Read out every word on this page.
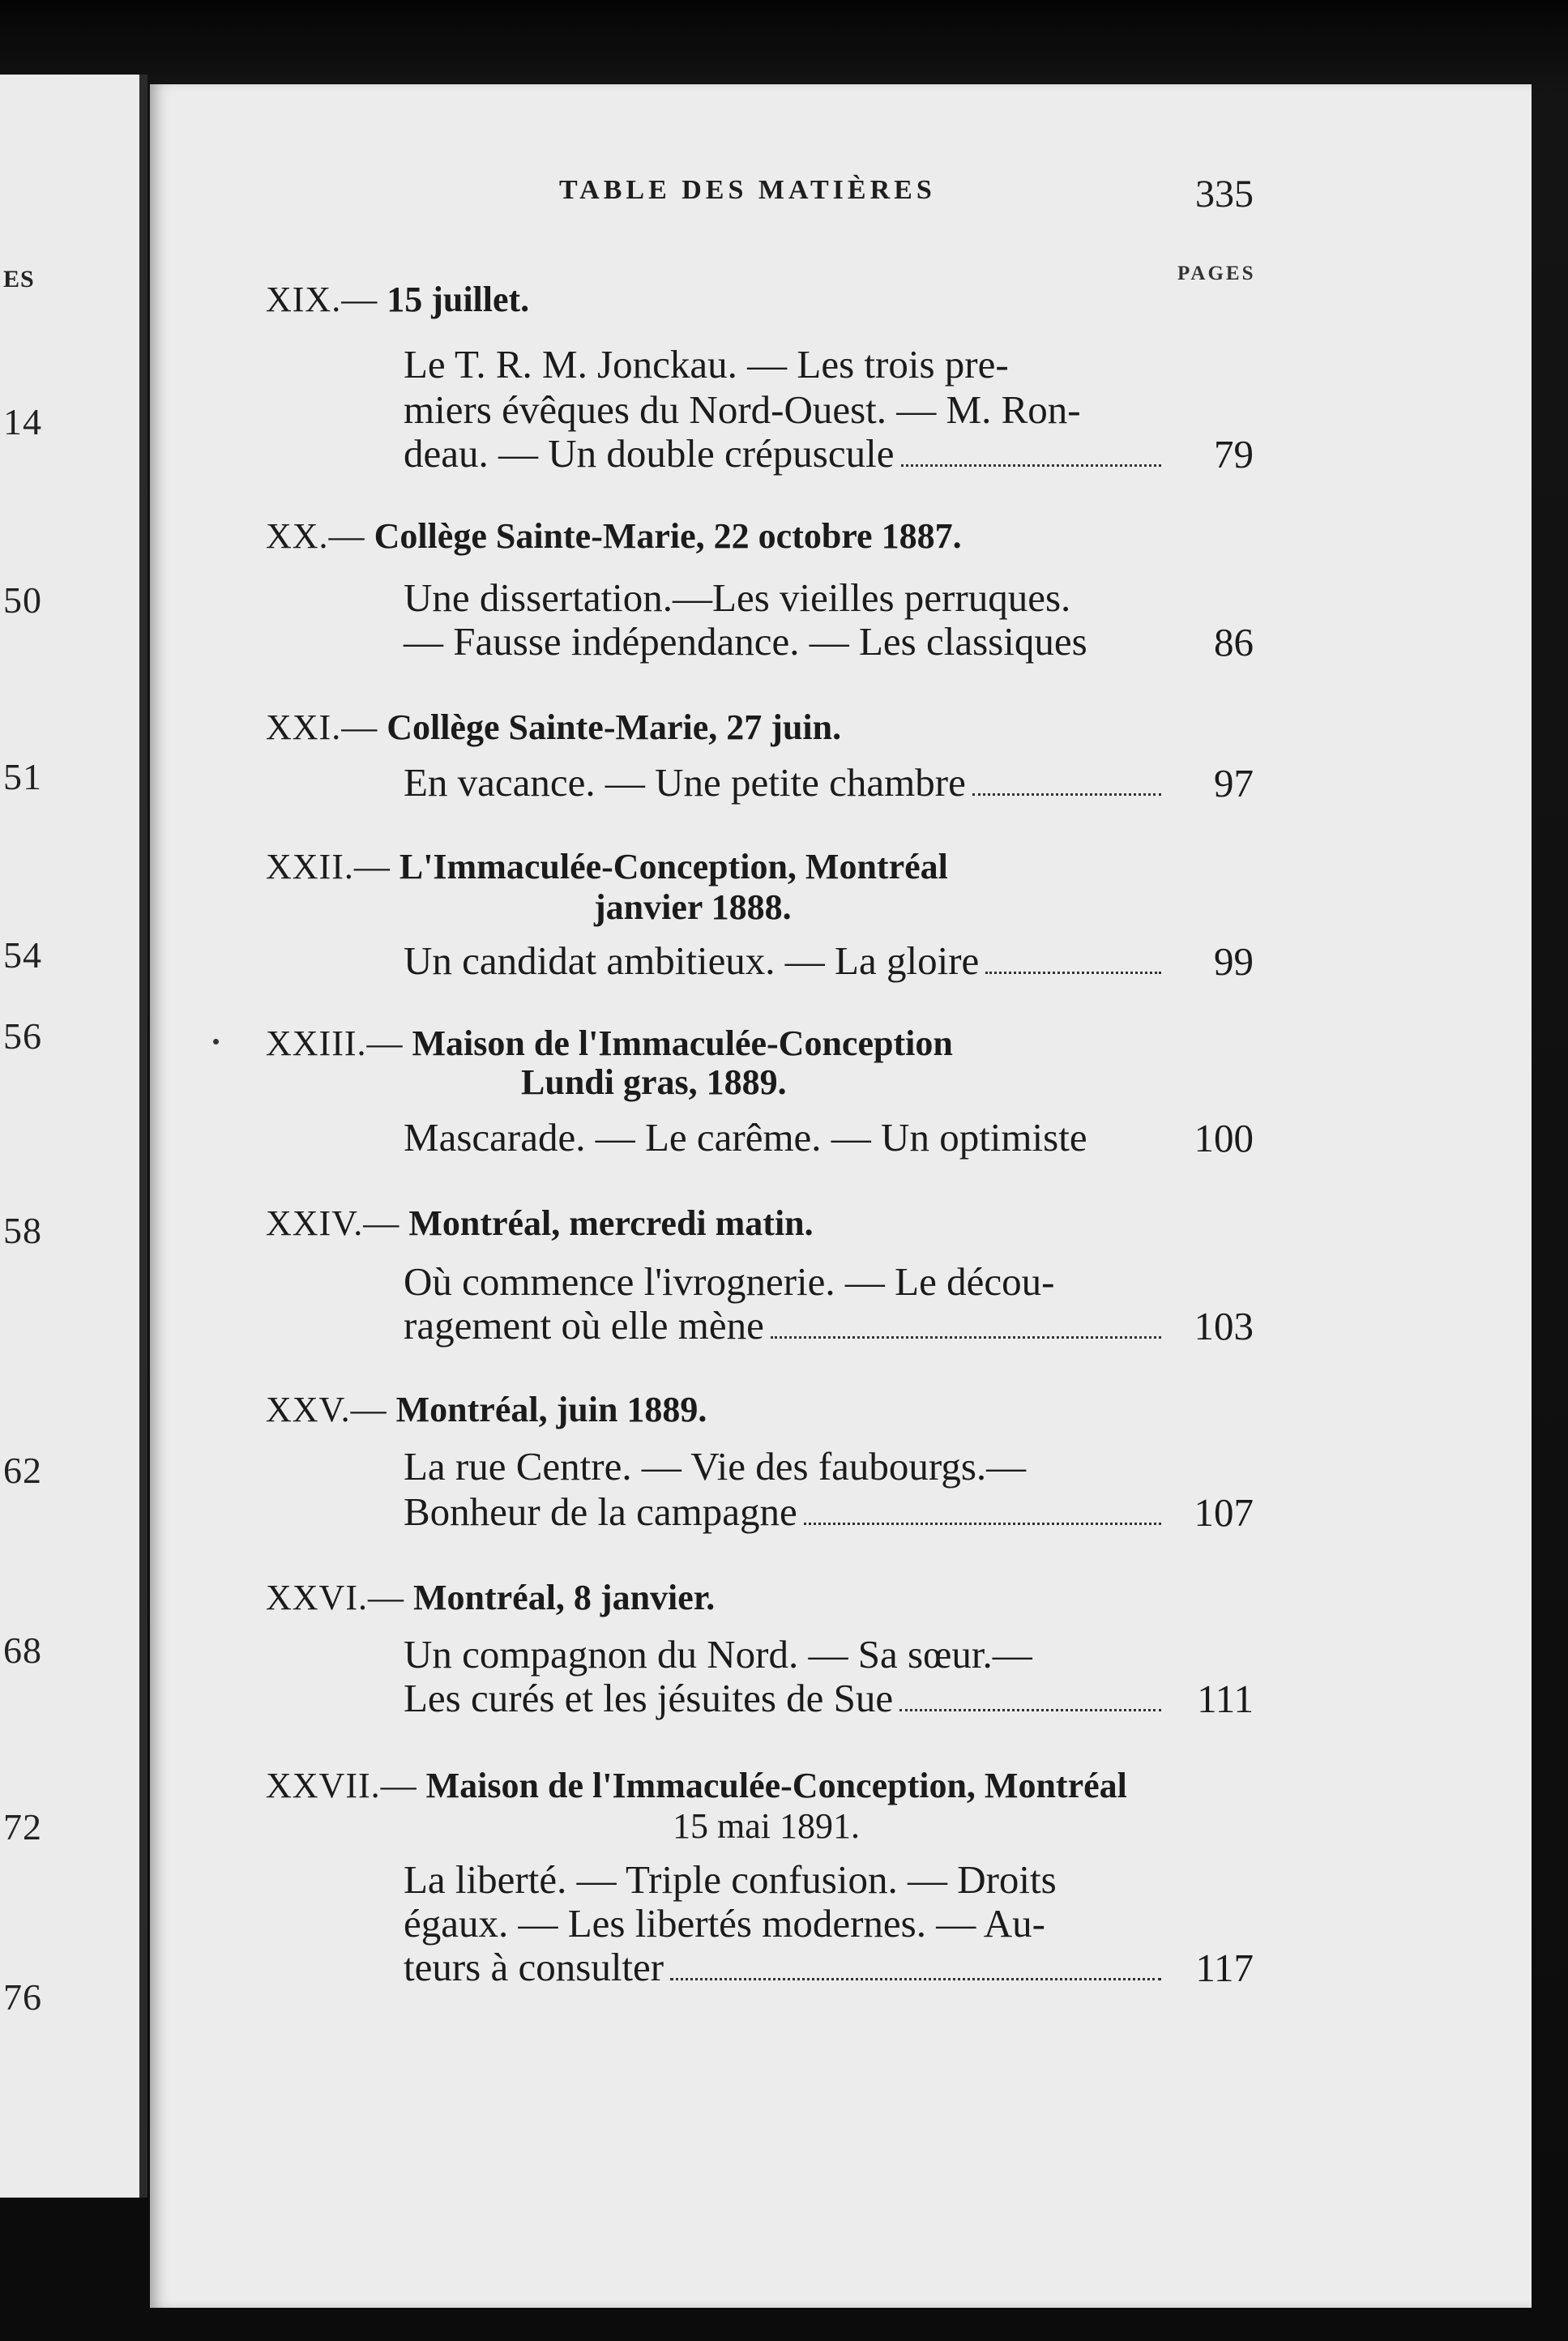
ES
14
50
51
54
56
58
62
68
72
76
TABLE DES MATIÈRES	335
PAGES
XIX.— 15 juillet.
Le T. R. M. Jonckau. — Les trois pre-
miers évêques du Nord-Ouest. — M. Ron-
deau. — Un double crépuscule	79
XX.— Collège Sainte-Marie, 22 octobre 1887.
Une dissertation.—Les vieilles perruques.
— Fausse indépendance. — Les classiques	86
XXI.— Collège Sainte-Marie, 27 juin.
En vacance. — Une petite chambre	97
XXII.— L'Immaculée-Conception, Montréal
janvier 1888.
Un candidat ambitieux. — La gloire	99
XXIII.— Maison de l'Immaculée-Conception
Lundi gras, 1889.
Mascarade. — Le carême. — Un optimiste	100
XXIV.— Montréal, mercredi matin.
Où commence l'ivrognerie. — Le décou-
ragement où elle mène	103
XXV.— Montréal, juin 1889.
La rue Centre. — Vie des faubourgs.—
Bonheur de la campagne	107
XXVI.— Montréal, 8 janvier.
Un compagnon du Nord. — Sa sœur.—
Les curés et les jésuites de Sue	111
XXVII.— Maison de l'Immaculée-Conception, Montréal
15 mai 1891.
La liberté. — Triple confusion. — Droits
égaux. — Les libertés modernes. — Au-
teurs à consulter	117
